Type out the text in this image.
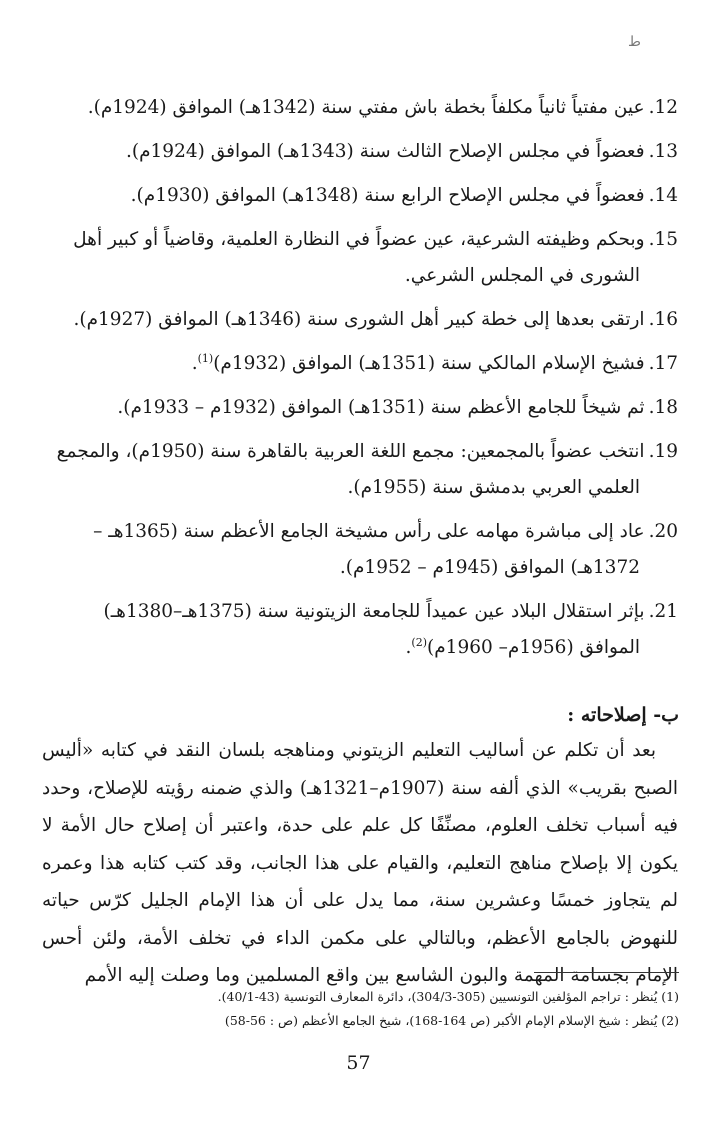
ط
12.عين مفتياً ثانياً مكلفاً بخطة باش مفتي سنة (1342هـ) الموافق (1924م).
13.فعضواً في مجلس الإصلاح الثالث سنة (1343هـ) الموافق (1924م).
14.فعضواً في مجلس الإصلاح الرابع سنة (1348هـ) الموافق (1930م).
15.وبحكم وظيفته الشرعية، عين عضواً في النظارة العلمية، وقاضياً أو كبير أهل
الشورى في المجلس الشرعي.
16.ارتقى بعدها إلى خطة كبير أهل الشورى سنة (1346هـ) الموافق (1927م).
17.فشيخ الإسلام المالكي سنة (1351هـ) الموافق (1932م)$^{(1)}$.
18.ثم شيخاً للجامع الأعظم سنة (1351هـ) الموافق (1932م – 1933م).
19.انتخب عضواً بالمجمعين: مجمع اللغة العربية بالقاهرة سنة (1950م)، والمجمع
العلمي العربي بدمشق سنة (1955م).
20.عاد إلى مباشرة مهامه على رأس مشيخة الجامع الأعظم سنة (1365هـ –
1372هـ) الموافق (1945م – 1952م).
21.بإثر استقلال البلاد عين عميداً للجامعة الزيتونية سنة (1375هـ–1380هـ)
الموافق (1956م– 1960م)$^{(2)}$.
ب- إصلاحاته :

بعد أن تكلم عن أساليب التعليم الزيتوني ومناهجه بلسان النقد في كتابه «أليس الصبح بقريب» الذي ألفه سنة (1907م–1321هـ) والذي ضمنه رؤيته للإصلاح، وحدد فيه أسباب تخلف العلوم، مصنِّفًا كل علم على حدة، واعتبر أن إصلاح حال الأمة لا يكون إلا بإصلاح مناهج التعليم، والقيام على هذا الجانب، وقد كتب كتابه هذا وعمره لم يتجاوز خمسًا وعشرين سنة، مما يدل على أن هذا الإمام الجليل كرّس حياته للنهوض بالجامع الأعظم، وبالتالي على مكمن الداء في تخلف الأمة، ولئن أحس الإمام بجسامة المهمة والبون الشاسع بين واقع المسلمين وما وصلت إليه الأمم

(1) يُنظر : تراجم المؤلفين التونسيين (305-304/3)، دائرة المعارف التونسية (43-40/1).

(2) يُنظر : شيخ الإسلام الإمام الأكبر (ص 164-168)، شيخ الجامع الأعظم (ص : 56-58)

57
